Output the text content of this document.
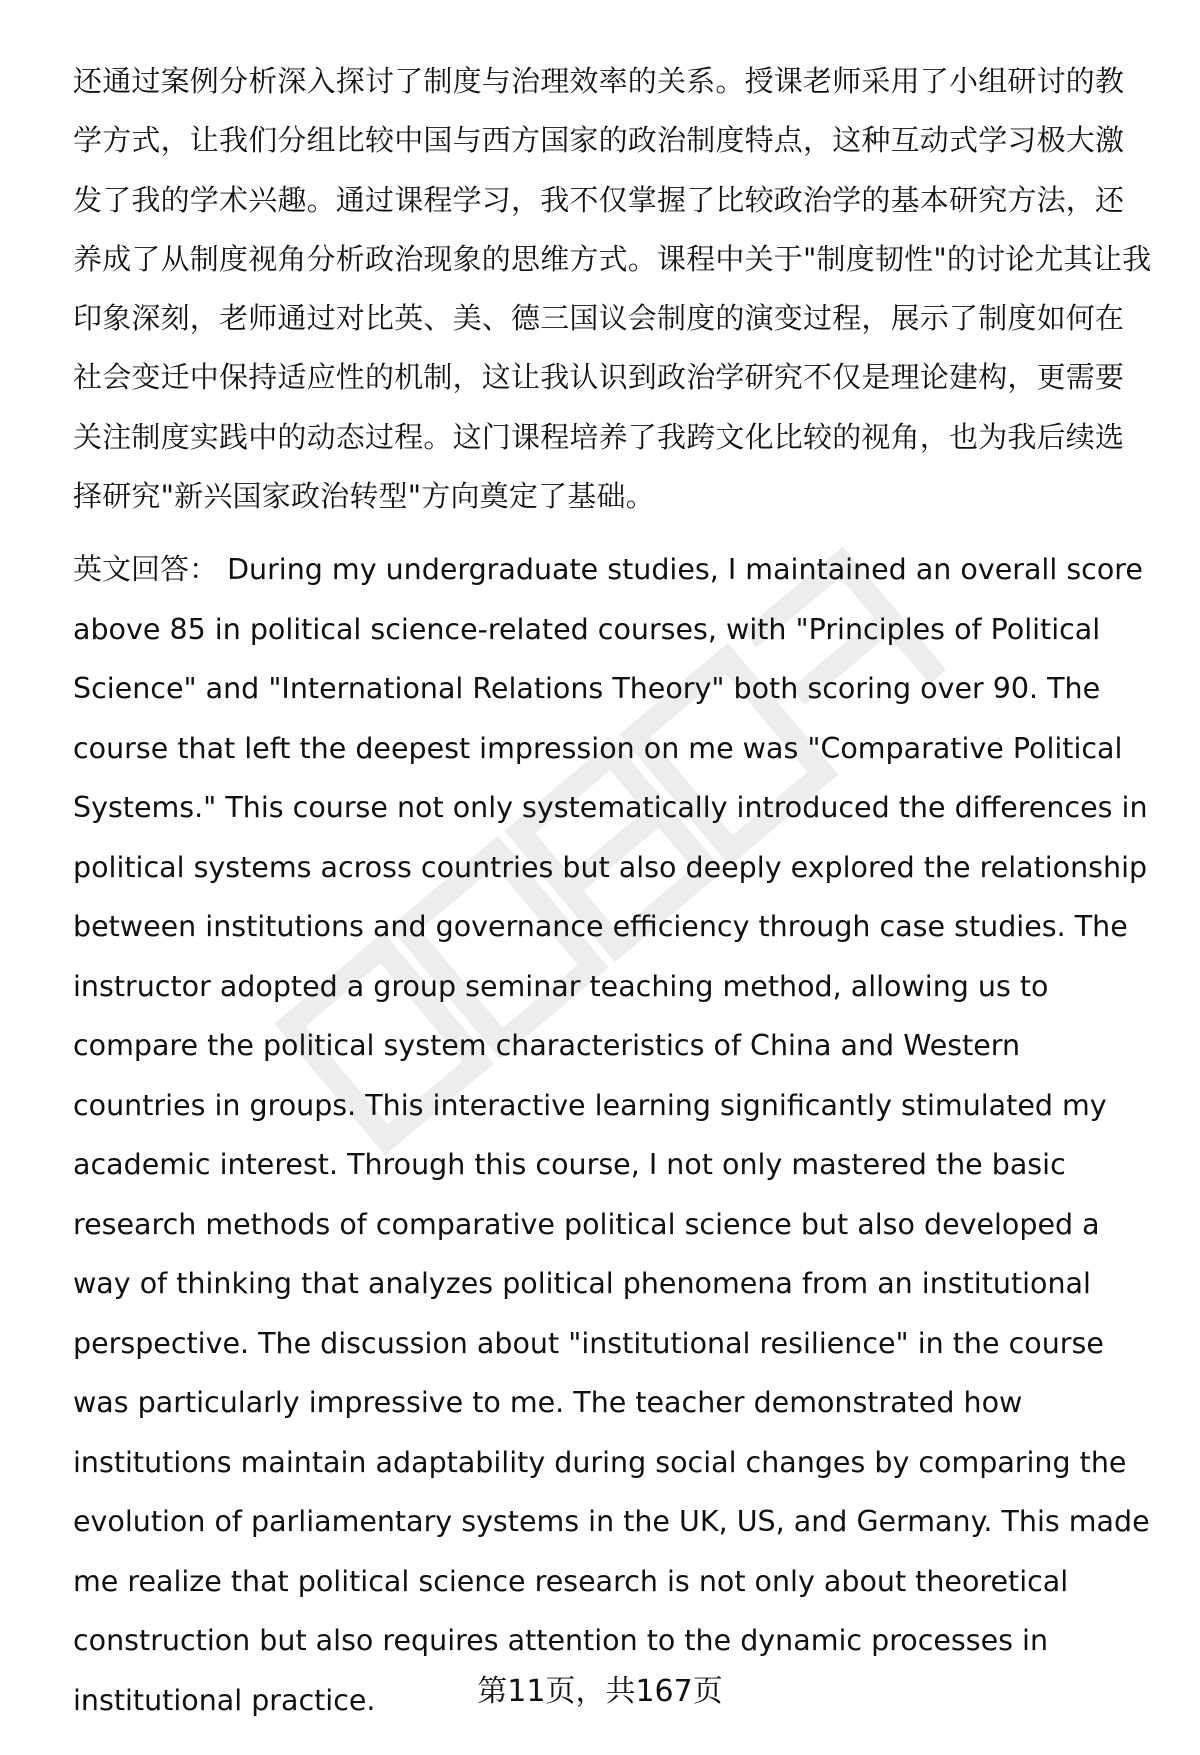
还通过案例分析深入探讨了制度与治理效率的关系。授课老师采用了小组研讨的教学方式，让我们分组比较中国与西方国家的政治制度特点，这种互动式学习极大激发了我的学术兴趣。通过课程学习，我不仅掌握了比较政治学的基本研究方法，还养成了从制度视角分析政治现象的思维方式。课程中关于"制度韧性"的讨论尤其让我印象深刻，老师通过对比英、美、德三国议会制度的演变过程，展示了制度如何在社会变迁中保持适应性的机制，这让我认识到政治学研究不仅是理论建构，更需要关注制度实践中的动态过程。这门课程培养了我跨文化比较的视角，也为我后续选择研究"新兴国家政治转型"方向奠定了基础。

英文回答： During my undergraduate studies, I maintained an overall score above 85 in political science-related courses, with "Principles of Political Science" and "International Relations Theory" both scoring over 90. The course that left the deepest impression on me was "Comparative Political Systems." This course not only systematically introduced the differences in political systems across countries but also deeply explored the relationship between institutions and governance efficiency through case studies. The instructor adopted a group seminar teaching method, allowing us to compare the political system characteristics of China and Western countries in groups. This interactive learning significantly stimulated my academic interest. Through this course, I not only mastered the basic research methods of comparative political science but also developed a way of thinking that analyzes political phenomena from an institutional perspective. The discussion about "institutional resilience" in the course was particularly impressive to me. The teacher demonstrated how institutions maintain adaptability during social changes by comparing the evolution of parliamentary systems in the UK, US, and Germany. This made me realize that political science research is not only about theoretical construction but also requires attention to the dynamic processes in institutional practice.	第11页，共167页
